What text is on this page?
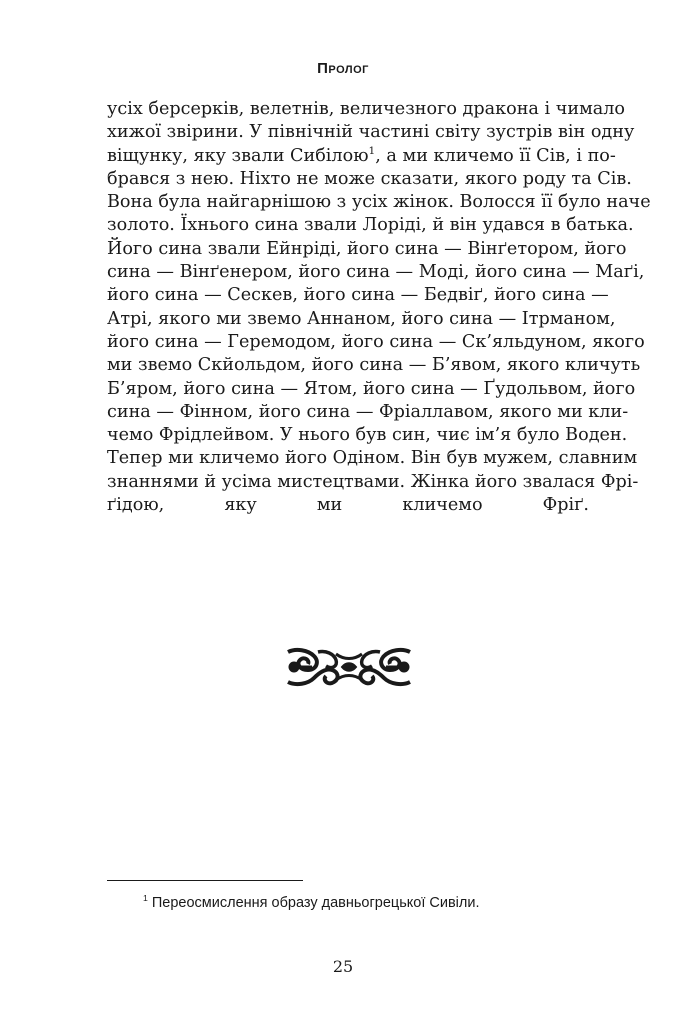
Пролог
усіх берсерків, велетнів, величезного дракона і чимало
хижої звірини. У північній частині світу зустрів він одну
віщунку, яку звали Сибілою$^1$, а ми кличемо її Сів, і по-
брався з нею. Ніхто не може сказати, якого роду та Сів.
Вона була найгарнішою з усіх жінок. Волосся її було наче
золото. Їхнього сина звали Лоріді, й він удався в батька.
Його сина звали Ейнріді, його сина — Вінґетором, його
сина — Вінґенером, його сина — Моді, його сина — Маґі,
його сина — Сескев, його сина — Бедвіґ, його сина —
Атрі, якого ми звемо Аннаном, його сина — Ітрманом,
його сина — Геремодом, його сина — Ск’яльдуном, якого
ми звемо Скйольдом, його сина — Б’явом, якого кличуть
Б’яром, його сина — Ятом, його сина — Ґудольвом, його
сина — Фінном, його сина — Фріаллавом, якого ми кли-
чемо Фрідлейвом. У нього був син, чиє ім’я було Воден.
Тепер ми кличемо його Одіном. Він був мужем, славним
знаннями й усіма мистецтвами. Жінка його звалася Фрі-
ґідою, яку ми кличемо Фріґ.
$^1$ Переосмислення образу давньогрецької Сивіли.
25
